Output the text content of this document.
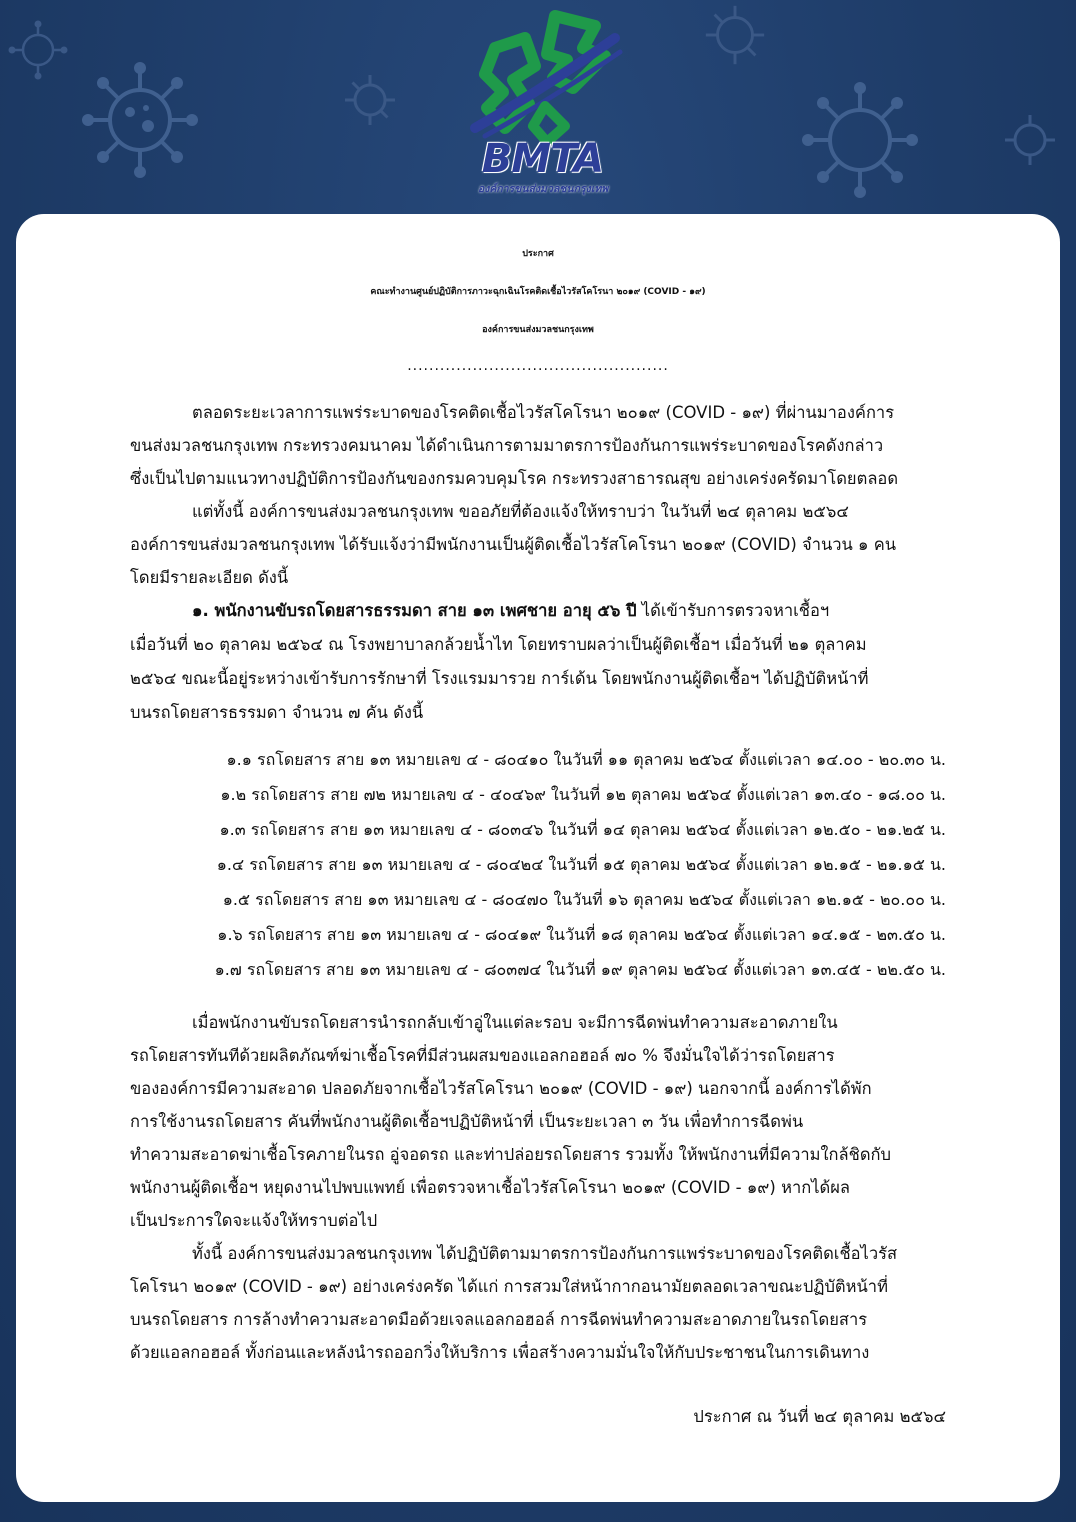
BMTA
องค์การขนส่งมวลชนกรุงเทพ
ประกาศ
คณะทำงานศูนย์ปฏิบัติการภาวะฉุกเฉินโรคติดเชื้อไวรัสโคโรนา ๒๐๑๙ (COVID - ๑๙)
องค์การขนส่งมวลชนกรุงเทพ
................................................
ตลอดระยะเวลาการแพร่ระบาดของโรคติดเชื้อไวรัสโคโรนา ๒๐๑๙ (COVID - ๑๙) ที่ผ่านมาองค์การ
ขนส่งมวลชนกรุงเทพ กระทรวงคมนาคม ได้ดำเนินการตามมาตรการป้องกันการแพร่ระบาดของโรคดังกล่าว
ซึ่งเป็นไปตามแนวทางปฏิบัติการป้องกันของกรมควบคุมโรค กระทรวงสาธารณสุข อย่างเคร่งครัดมาโดยตลอด
แต่ทั้งนี้ องค์การขนส่งมวลชนกรุงเทพ ขออภัยที่ต้องแจ้งให้ทราบว่า ในวันที่ ๒๔ ตุลาคม ๒๕๖๔
องค์การขนส่งมวลชนกรุงเทพ ได้รับแจ้งว่ามีพนักงานเป็นผู้ติดเชื้อไวรัสโคโรนา ๒๐๑๙ (COVID) จำนวน ๑ คน
โดยมีรายละเอียด ดังนี้
๑. พนักงานขับรถโดยสารธรรมดา สาย ๑๓ เพศชาย อายุ ๕๖ ปี ได้เข้ารับการตรวจหาเชื้อฯ
เมื่อวันที่ ๒๐ ตุลาคม ๒๕๖๔ ณ โรงพยาบาลกล้วยน้ำไท โดยทราบผลว่าเป็นผู้ติดเชื้อฯ เมื่อวันที่ ๒๑ ตุลาคม
๒๕๖๔ ขณะนี้อยู่ระหว่างเข้ารับการรักษาที่ โรงแรมมารวย การ์เด้น โดยพนักงานผู้ติดเชื้อฯ ได้ปฏิบัติหน้าที่
บนรถโดยสารธรรมดา จำนวน ๗ คัน ดังนี้
๑.๑ รถโดยสาร สาย ๑๓ หมายเลข ๔ - ๘๐๔๑๐ ในวันที่ ๑๑ ตุลาคม ๒๕๖๔ ตั้งแต่เวลา ๑๔.๐๐ - ๒๐.๓๐ น.
๑.๒ รถโดยสาร สาย ๗๒ หมายเลข ๔ - ๔๐๔๖๙ ในวันที่ ๑๒ ตุลาคม ๒๕๖๔ ตั้งแต่เวลา ๑๓.๔๐ - ๑๘.๐๐ น.
๑.๓ รถโดยสาร สาย ๑๓ หมายเลข ๔ - ๘๐๓๔๖ ในวันที่ ๑๔ ตุลาคม ๒๕๖๔ ตั้งแต่เวลา ๑๒.๕๐ - ๒๑.๒๕ น.
๑.๔ รถโดยสาร สาย ๑๓ หมายเลข ๔ - ๘๐๔๒๔ ในวันที่ ๑๕ ตุลาคม ๒๕๖๔ ตั้งแต่เวลา ๑๒.๑๕ - ๒๑.๑๕ น.
๑.๕ รถโดยสาร สาย ๑๓ หมายเลข ๔ - ๘๐๔๗๐ ในวันที่ ๑๖ ตุลาคม ๒๕๖๔ ตั้งแต่เวลา ๑๒.๑๕ - ๒๐.๐๐ น.
๑.๖ รถโดยสาร สาย ๑๓ หมายเลข ๔ - ๘๐๔๑๙ ในวันที่ ๑๘ ตุลาคม ๒๕๖๔ ตั้งแต่เวลา ๑๔.๑๕ - ๒๓.๕๐ น.
๑.๗ รถโดยสาร สาย ๑๓ หมายเลข ๔ - ๘๐๓๗๔ ในวันที่ ๑๙ ตุลาคม ๒๕๖๔ ตั้งแต่เวลา ๑๓.๔๕ - ๒๒.๕๐ น.
เมื่อพนักงานขับรถโดยสารนำรถกลับเข้าอู่ในแต่ละรอบ จะมีการฉีดพ่นทำความสะอาดภายใน
รถโดยสารทันทีด้วยผลิตภัณฑ์ฆ่าเชื้อโรคที่มีส่วนผสมของแอลกอฮอล์ ๗๐ % จึงมั่นใจได้ว่ารถโดยสาร
ขององค์การมีความสะอาด ปลอดภัยจากเชื้อไวรัสโคโรนา ๒๐๑๙ (COVID - ๑๙) นอกจากนี้ องค์การได้พัก
การใช้งานรถโดยสาร คันที่พนักงานผู้ติดเชื้อฯปฏิบัติหน้าที่ เป็นระยะเวลา ๓ วัน เพื่อทำการฉีดพ่น
ทำความสะอาดฆ่าเชื้อโรคภายในรถ อู่จอดรถ และท่าปล่อยรถโดยสาร รวมทั้ง ให้พนักงานที่มีความใกล้ชิดกับ
พนักงานผู้ติดเชื้อฯ หยุดงานไปพบแพทย์ เพื่อตรวจหาเชื้อไวรัสโคโรนา ๒๐๑๙ (COVID - ๑๙) หากได้ผล
เป็นประการใดจะแจ้งให้ทราบต่อไป
ทั้งนี้ องค์การขนส่งมวลชนกรุงเทพ ได้ปฏิบัติตามมาตรการป้องกันการแพร่ระบาดของโรคติดเชื้อไวรัส
โคโรนา ๒๐๑๙ (COVID - ๑๙) อย่างเคร่งครัด ได้แก่ การสวมใส่หน้ากากอนามัยตลอดเวลาขณะปฏิบัติหน้าที่
บนรถโดยสาร การล้างทำความสะอาดมือด้วยเจลแอลกอฮอล์ การฉีดพ่นทำความสะอาดภายในรถโดยสาร
ด้วยแอลกอฮอล์ ทั้งก่อนและหลังนำรถออกวิ่งให้บริการ เพื่อสร้างความมั่นใจให้กับประชาชนในการเดินทาง
ประกาศ ณ วันที่ ๒๔ ตุลาคม ๒๕๖๔
